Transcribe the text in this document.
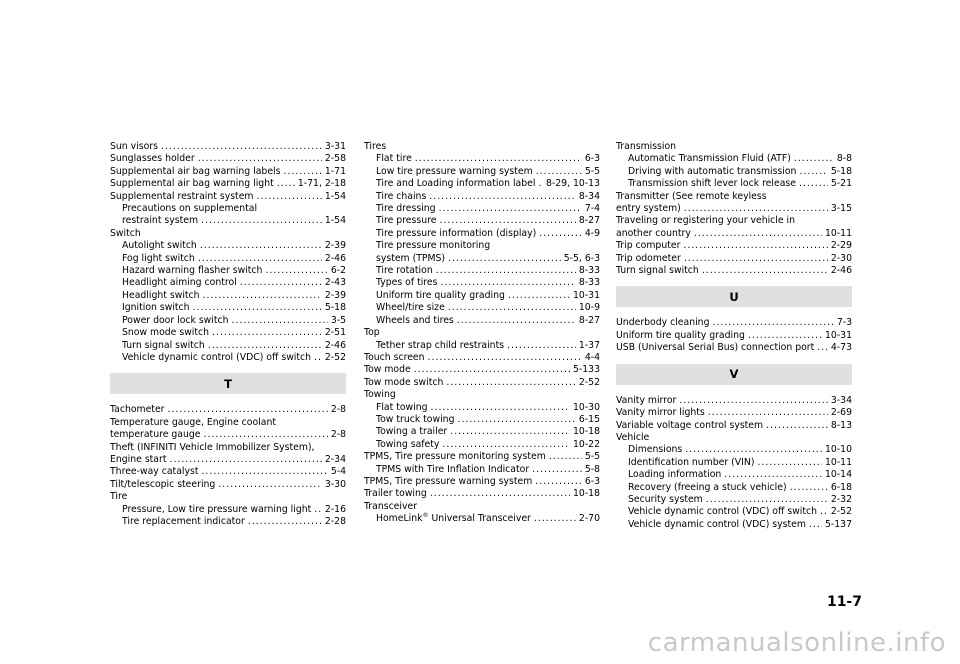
Sun visors .....	3-31
Sunglasses holder .....	2-58
Supplemental air bag warning labels .....	1-71
Supplemental air bag warning light .....	1-71, 2-18
Supplemental restraint system .....	1-54
Precautions on supplemental
restraint system .....	1-54
Switch
Autolight switch .....	2-39
Fog light switch .....	2-46
Hazard warning flasher switch .....	6-2
Headlight aiming control .....	2-43
Headlight switch .....	2-39
Ignition switch .....	5-18
Power door lock switch .....	3-5
Snow mode switch .....	2-51
Turn signal switch .....	2-46
Vehicle dynamic control (VDC) off switch ..... 2-52
T
Tachometer .....	2-8
Temperature gauge, Engine coolant
temperature gauge .....	2-8
Theft (INFINITI Vehicle Immobilizer System),
Engine start .....	2-34
Three-way catalyst .....	5-4
Tilt/telescopic steering .....	3-30
Tire
Pressure, Low tire pressure warning light ..... 2-16
Tire replacement indicator .....	2-28
Tires
Flat tire .....	6-3
Low tire pressure warning system .....	5-5
Tire and Loading information label ..... 8-29, 10-13
Tire chains .....	8-34
Tire dressing .....	7-4
Tire pressure .....	8-27
Tire pressure information (display) .....	4-9
Tire pressure monitoring
system (TPMS) .....	5-5, 6-3
Tire rotation .....	8-33
Types of tires .....	8-33
Uniform tire quality grading .....	10-31
Wheel/tire size .....	10-9
Wheels and tires .....	8-27
Top
Tether strap child restraints .....	1-37
Touch screen .....	4-4
Tow mode .....	5-133
Tow mode switch .....	2-52
Towing
Flat towing .....	10-30
Tow truck towing .....	6-15
Towing a trailer .....	10-18
Towing safety .....	10-22
TPMS, Tire pressure monitoring system .....	5-5
TPMS with Tire Inflation Indicator .....	5-8
TPMS, Tire pressure warning system .....	6-3
Trailer towing .....	10-18
Transceiver
HomeLink® Universal Transceiver .....	2-70
Transmission
Automatic Transmission Fluid (ATF) .....	8-8
Driving with automatic transmission .....	5-18
Transmission shift lever lock release .....	5-21
Transmitter (See remote keyless
entry system) .....	3-15
Traveling or registering your vehicle in
another country .....	10-11
Trip computer .....	2-29
Trip odometer .....	2-30
Turn signal switch .....	2-46
U
Underbody cleaning .....	7-3
Uniform tire quality grading .....	10-31
USB (Universal Serial Bus) connection port ..... 4-73
V
Vanity mirror .....	3-34
Vanity mirror lights .....	2-69
Variable voltage control system .....	8-13
Vehicle
Dimensions .....	10-10
Identification number (VIN) .....	10-11
Loading information .....	10-14
Recovery (freeing a stuck vehicle) .....	6-18
Security system .....	2-32
Vehicle dynamic control (VDC) off switch ..... 2-52
Vehicle dynamic control (VDC) system ..... 5-137
11-7
carmanualsonline.info
